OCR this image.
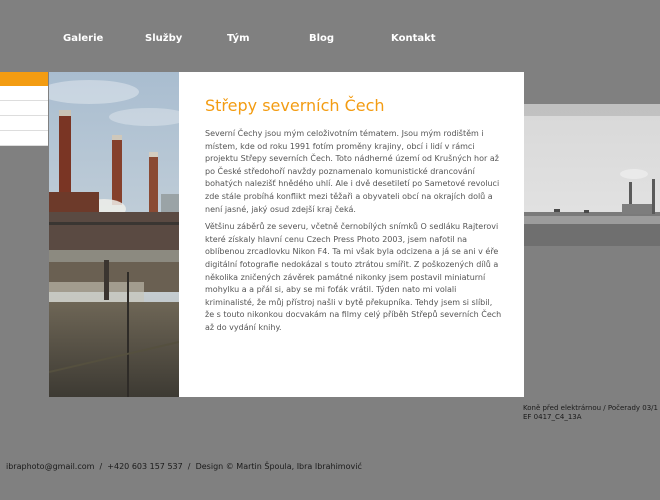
Galerie	Služby	Tým	Blog	Kontakt
Střepy severních Čech

Severní Čechy jsou mým celoživotním tématem. Jsou mým rodištěm i místem, kde od roku 1991 fotím proměny krajiny, obcí i lidí v rámci projektu Střepy severních Čech. Toto nádherné území od Krušných hor až po České středohoří navždy poznamenalo komunistické drancování bohatých nalezišť hnědého uhlí. Ale i dvě desetiletí po Sametové revoluci zde stále probíhá konflikt mezi těžaři a obyvateli obcí na okrajích dolů a není jasné, jaký osud zdejší kraj čeká.

Většinu záběrů ze severu, včetně černobílých snímků O sedláku Rajterovi které získaly hlavní cenu Czech Press Photo 2003, jsem nafotil na oblíbenou zrcadlovku Nikon F4. Ta mi však byla odcizena a já se ani v éře digitální fotografie nedokázal s touto ztrátou smířit. Z poškozených dílů a několika zničených závěrek památné nikonky jsem postavil miniaturní mohylku a a přál si, aby se mi foťák vrátil. Týden nato mi volali kriminalisté, že můj přístroj našli v bytě překupníka. Tehdy jsem si slíbil, že s touto nikonkou docvakám na filmy celý příběh Střepů severních Čech až do vydání knihy.

Koně před elektrárnou / Počerady 03/1
EF 0417_C4_13A
ibraphoto@gmail.com  /  +420 603 157 537  /  Design © Martin Špoula, Ibra Ibrahimović
